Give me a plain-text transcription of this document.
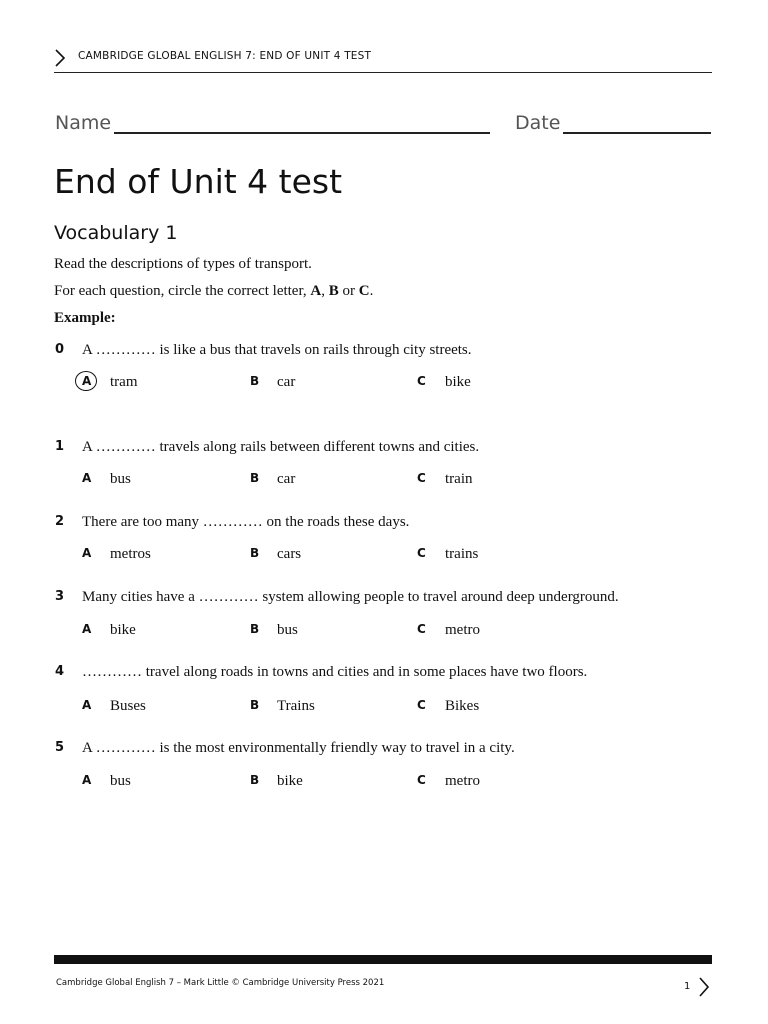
CAMBRIDGE GLOBAL ENGLISH 7: END OF UNIT 4 TEST
Name	Date
End of Unit 4 test
Vocabulary 1

Read the descriptions of types of transport.

For each question, circle the correct letter, A, B or C.

Example:

0 A ………… is like a bus that travels on rails through city streets.
A tram	B car	C bike
1 A ………… travels along rails between different towns and cities.
A bus	B car	C train
2 There are too many ………… on the roads these days.
A metros	B cars	C trains
3 Many cities have a ………… system allowing people to travel around deep underground.
A bike	B bus	C metro
4 ………… travel along roads in towns and cities and in some places have two floors.
A Buses	B Trains	C Bikes
5 A ………… is the most environmentally friendly way to travel in a city.
A bus	B bike	C metro
Cambridge Global English 7 – Mark Little © Cambridge University Press 2021	1
